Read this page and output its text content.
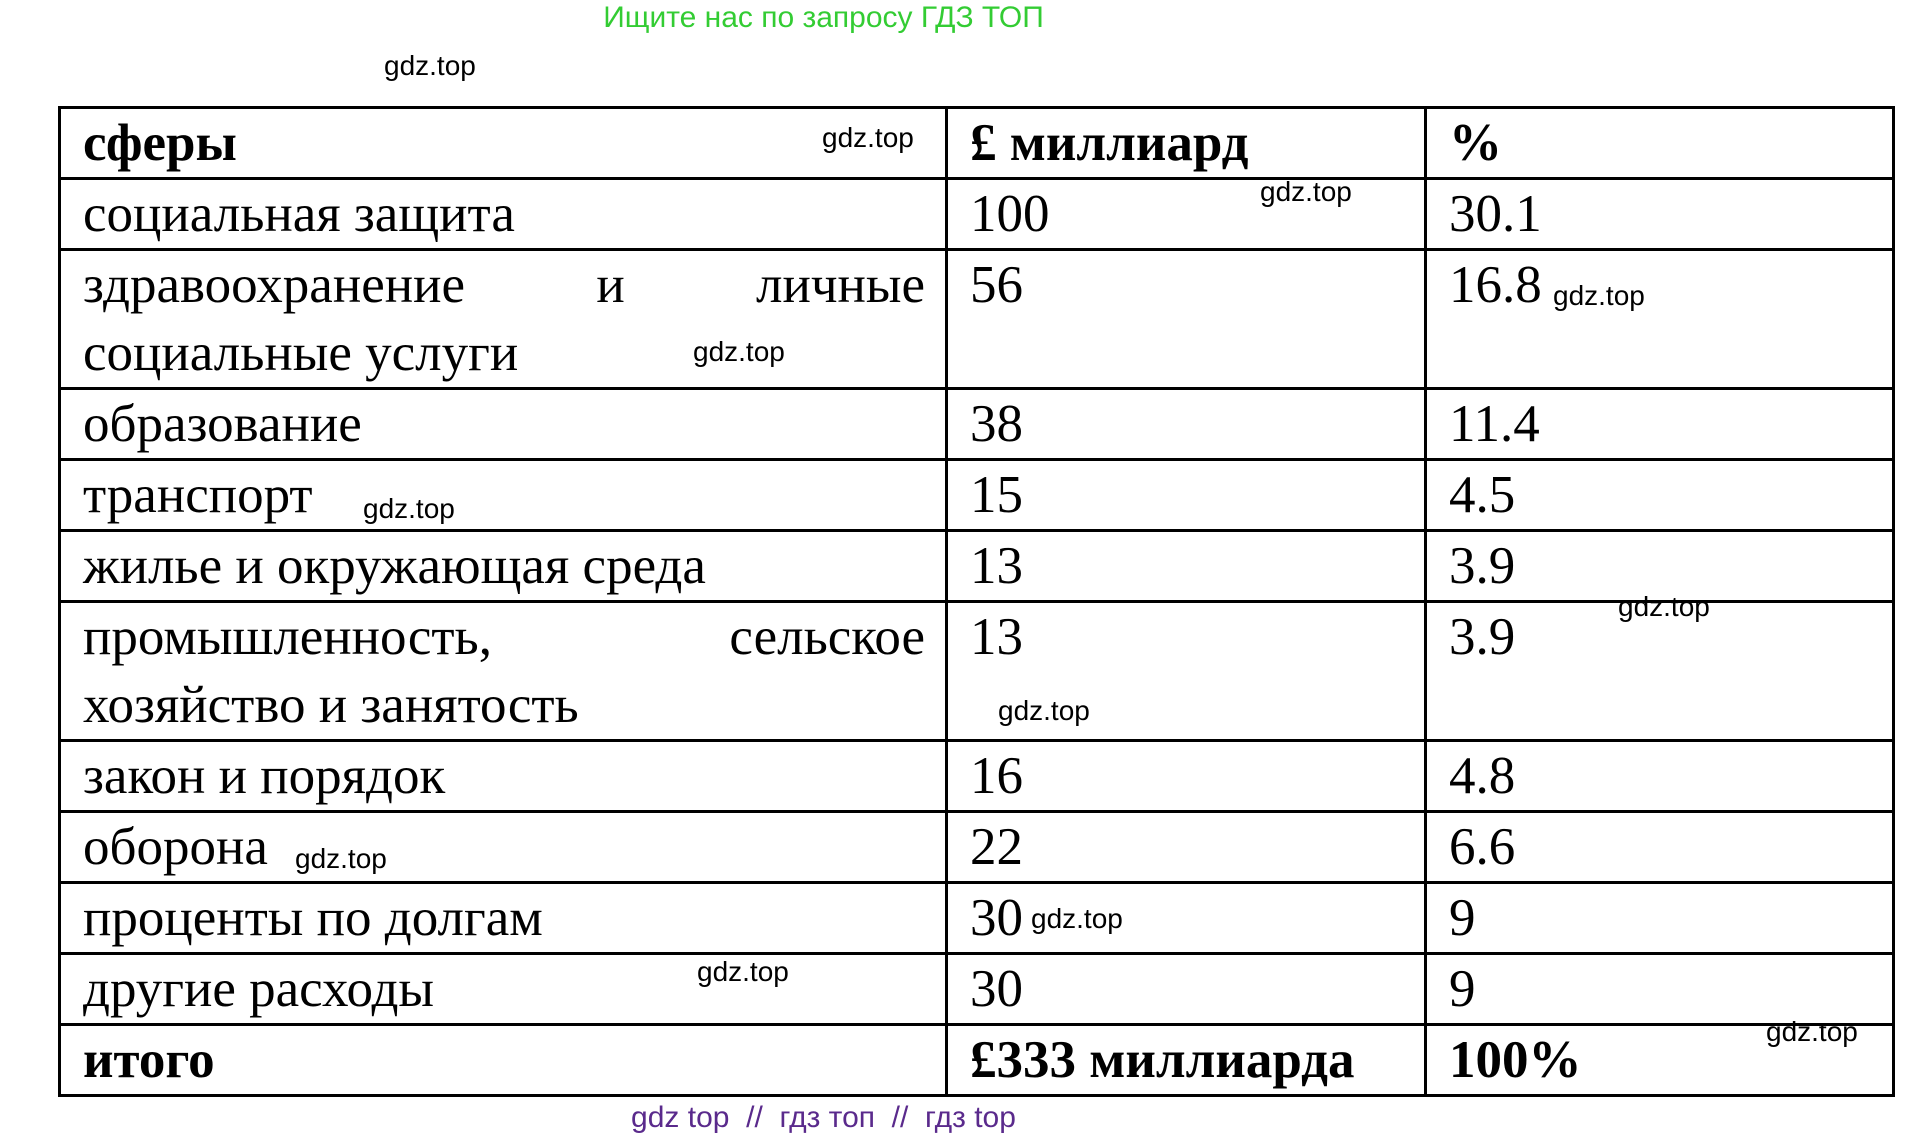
Ищите нас по запросу ГДЗ ТОП
сферы	£ миллиард	%
социальная защита	100	30.1
здравоохранение и личные социальные услуги	56	16.8
образование	38	11.4
транспорт	15	4.5
жилье и окружающая среда	13	3.9
промышленность, сельское хозяйство и занятость	13	3.9
закон и порядок	16	4.8
оборона	22	6.6
проценты по долгам	30	9
другие расходы	30	9
итого	£333 миллиарда	100%
gdz.top
gdz.top
gdz.top
gdz.top
gdz.top
gdz.top
gdz.top
gdz.top
gdz.top
gdz.top
gdz.top
gdz.top
gdz top  //  гдз топ  //  гдз top
